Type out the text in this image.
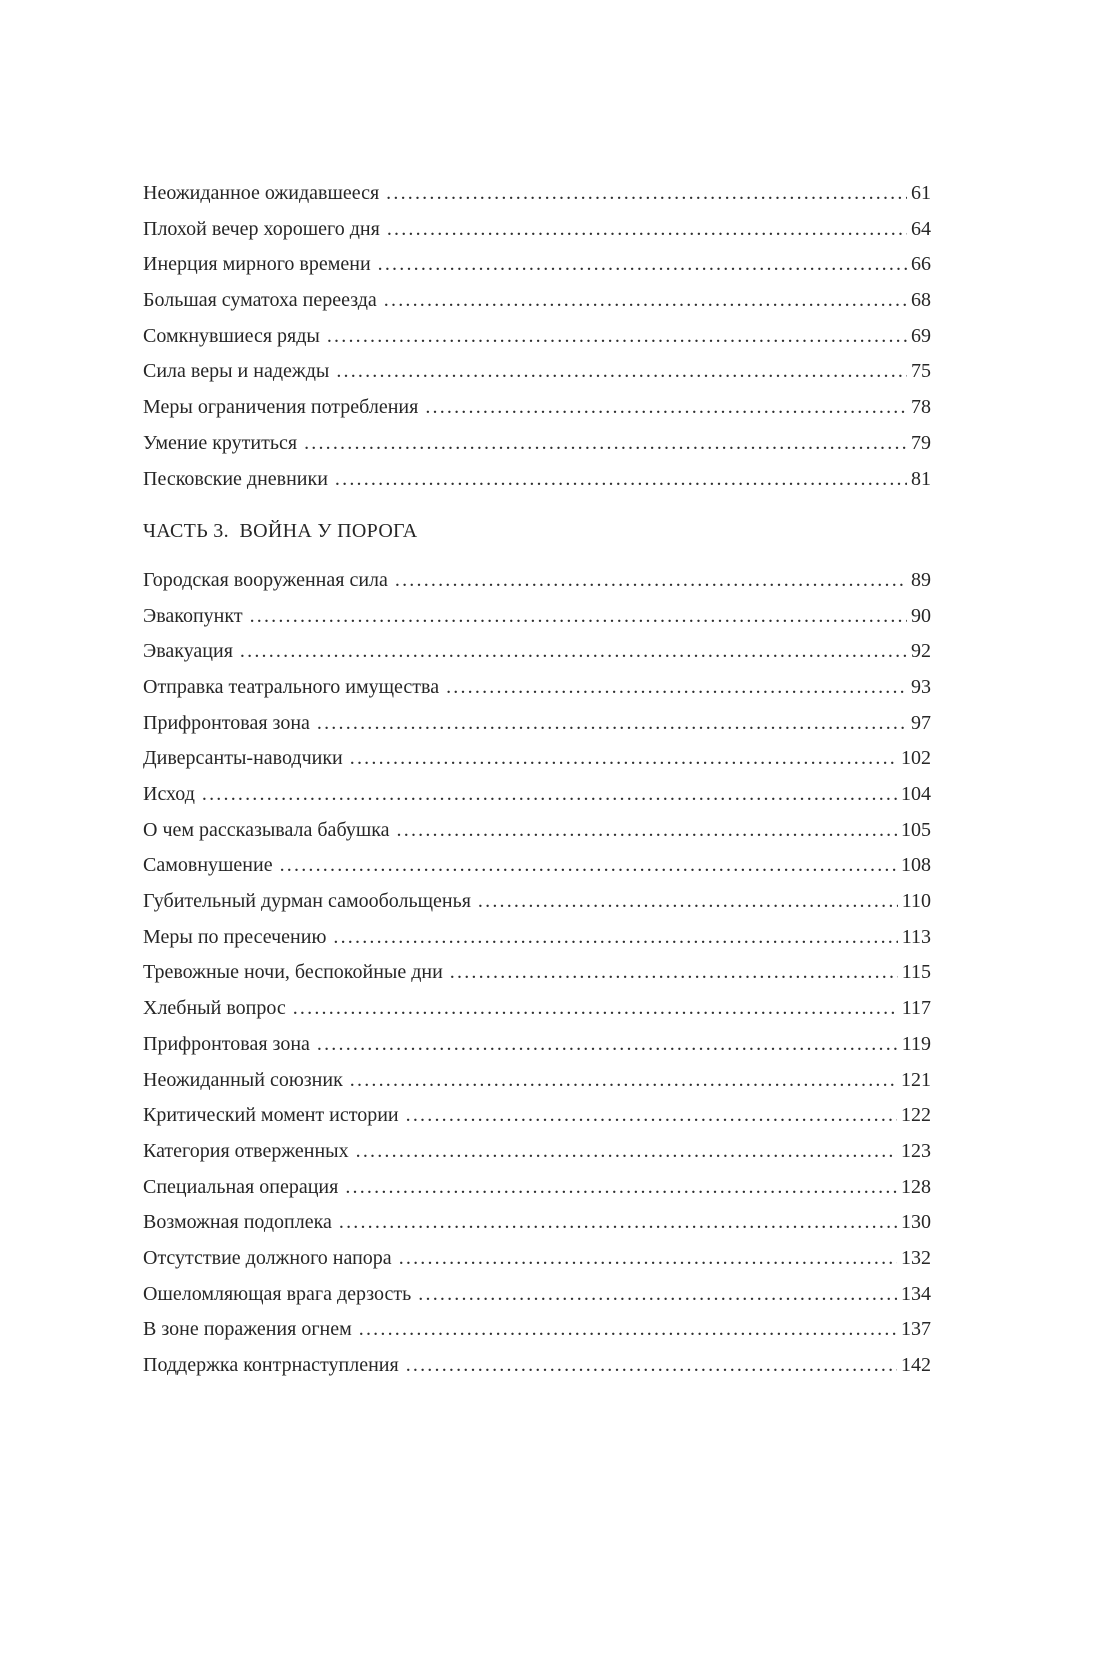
Неожиданное ожидавшееся .....	61
Плохой вечер хорошего дня .....	64
Инерция мирного времени .....	66
Большая суматоха переезда .....	68
Сомкнувшиеся ряды .....	69
Сила веры и надежды .....	75
Меры ограничения потребления .....	78
Умение крутиться .....	79
Песковские дневники .....	81
ЧАСТЬ 3.  ВОЙНА У ПОРОГА
Городская вооруженная сила .....	89
Эвакопункт .....	90
Эвакуация .....	92
Отправка театрального имущества .....	93
Прифронтовая зона .....	97
Диверсанты-наводчики .....	102
Исход .....	104
О чем рассказывала бабушка .....	105
Самовнушение .....	108
Губительный дурман самообольщенья .....	110
Меры по пресечению .....	113
Тревожные ночи, беспокойные дни .....	115
Хлебный вопрос .....	117
Прифронтовая зона .....	119
Неожиданный союзник .....	121
Критический момент истории .....	122
Категория отверженных .....	123
Специальная операция .....	128
Возможная подоплека .....	130
Отсутствие должного напора .....	132
Ошеломляющая врага дерзость .....	134
В зоне поражения огнем .....	137
Поддержка контрнаступления .....	142
